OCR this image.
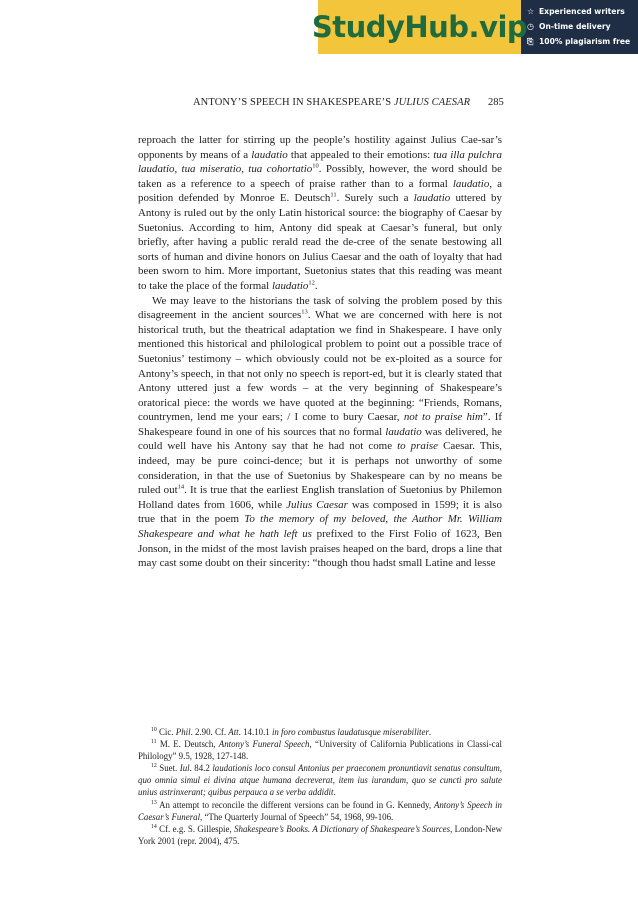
StudyHub.vip ☆ Experienced writers
◷ On-time delivery
⎘ 100% plagiarism free
ANTONY’S SPEECH IN SHAKESPEARE’S JULIUS CAESAR 285

reproach the latter for stirring up the people’s hostility against Julius Cae-sar’s opponents by means of a laudatio that appealed to their emotions: tua illa pulchra laudatio, tua miseratio, tua cohortatio$^{10}$. Possibly, however, the word should be taken as a reference to a speech of praise rather than to a formal laudatio, a position defended by Monroe E. Deutsch$^{11}$. Surely such a laudatio uttered by Antony is ruled out by the only Latin historical source: the biography of Caesar by Suetonius. According to him, Antony did speak at Caesar’s funeral, but only briefly, after having a public rerald read the de-cree of the senate bestowing all sorts of human and divine honors on Julius Caesar and the oath of loyalty that had been sworn to him. More important, Suetonius states that this reading was meant to take the place of the formal laudatio$^{12}$.

We may leave to the historians the task of solving the problem posed by this disagreement in the ancient sources$^{13}$. What we are concerned with here is not historical truth, but the theatrical adaptation we find in Shakespeare. I have only mentioned this historical and philological problem to point out a possible trace of Suetonius’ testimony – which obviously could not be ex-ploited as a source for Antony’s speech, in that not only no speech is report-ed, but it is clearly stated that Antony uttered just a few words – at the very beginning of Shakespeare’s oratorical piece: the words we have quoted at the beginning: “Friends, Romans, countrymen, lend me your ears; / I come to bury Caesar, not to praise him”. If Shakespeare found in one of his sources that no formal laudatio was delivered, he could well have his Antony say that he had not come to praise Caesar. This, indeed, may be pure coinci-dence; but it is perhaps not unworthy of some consideration, in that the use of Suetonius by Shakespeare can by no means be ruled out$^{14}$. It is true that the earliest English translation of Suetonius by Philemon Holland dates from 1606, while Julius Caesar was composed in 1599; it is also true that in the poem To the memory of my beloved, the Author Mr. William Shakespeare and what he hath left us prefixed to the First Folio of 1623, Ben Jonson, in the midst of the most lavish praises heaped on the bard, drops a line that may cast some doubt on their sincerity: “though thou hadst small Latine and lesse

$^{10}$ Cic. Phil. 2.90. Cf. Att. 14.10.1 in foro combustus laudatusque miserabiliter.

$^{11}$ M. E. Deutsch, Antony’s Funeral Speech, “University of California Publications in Classi-cal Philology” 9.5, 1928, 127-148.

$^{12}$ Suet. Iul. 84.2 laudationis loco consul Antonius per praeconem pronuntiavit senatus consultum, quo omnia simul ei divina atque humana decreverat, item ius iurandum, quo se cuncti pro salute unius astrinxerant; quibus perpauca a se verba addidit.

$^{13}$ An attempt to reconcile the different versions can be found in G. Kennedy, Antony’s Speech in Caesar’s Funeral, “The Quarterly Journal of Speech” 54, 1968, 99-106.

$^{14}$ Cf. e.g. S. Gillespie, Shakespeare’s Books. A Dictionary of Shakespeare’s Sources, London-New York 2001 (repr. 2004), 475.
